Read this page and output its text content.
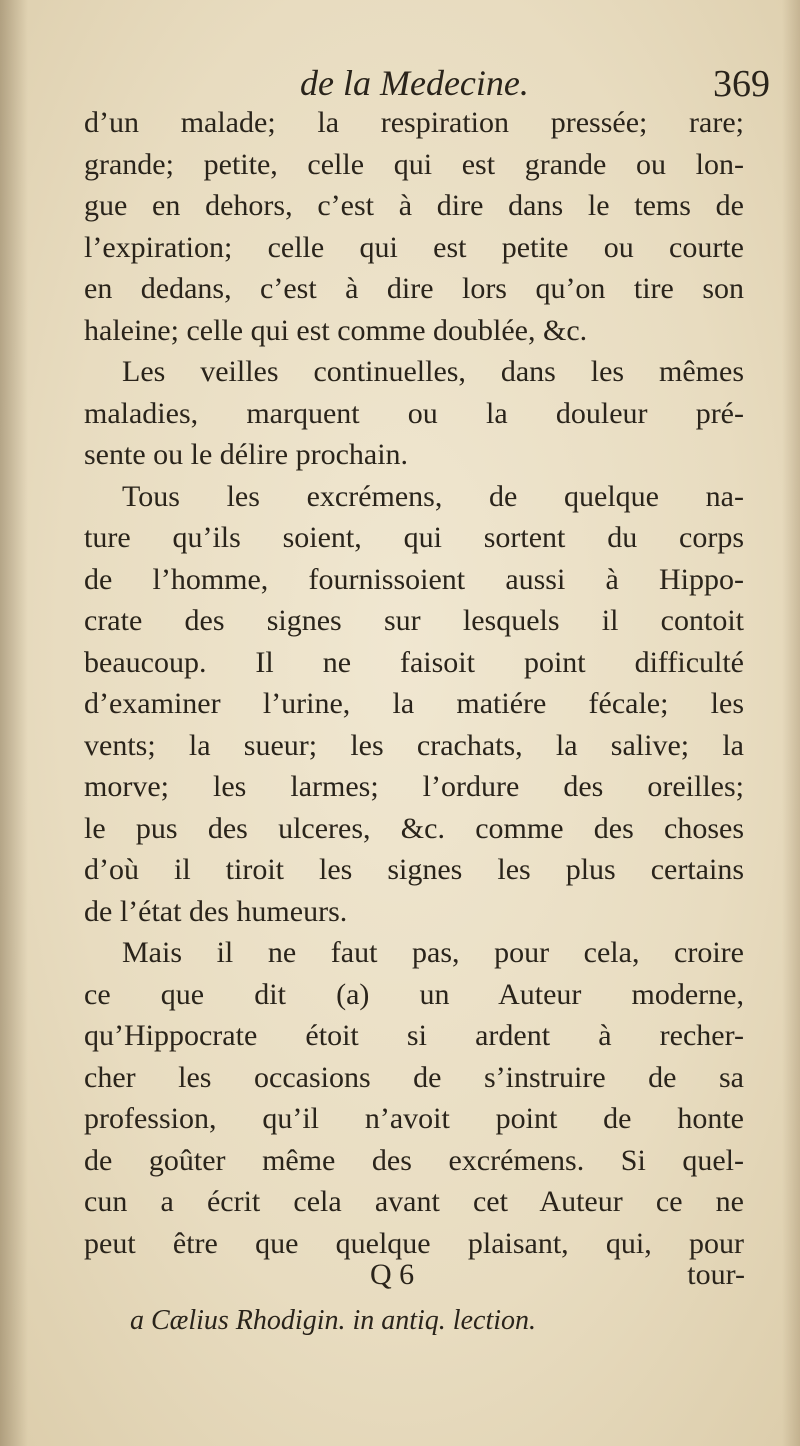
de la Medecine.	369
d’un malade; la respiration pressée; rare;
grande; petite, celle qui est grande ou lon-
gue en dehors, c’est à dire dans le tems de
l’expiration; celle qui est petite ou courte
en dedans, c’est à dire lors qu’on tire son
haleine; celle qui est comme doublée, &c.
Les veilles continuelles, dans les mêmes
maladies, marquent ou la douleur pré-
sente ou le délire prochain.
Tous les excrémens, de quelque na-
ture qu’ils soient, qui sortent du corps
de l’homme, fournissoient aussi à Hippo-
crate des signes sur lesquels il contoit
beaucoup. Il ne faisoit point difficulté
d’examiner l’urine, la matiére fécale; les
vents; la sueur; les crachats, la salive; la
morve; les larmes; l’ordure des oreilles;
le pus des ulceres, &c. comme des choses
d’où il tiroit les signes les plus certains
de l’état des humeurs.
Mais il ne faut pas, pour cela, croire
ce que dit (a) un Auteur moderne,
qu’Hippocrate étoit si ardent à recher-
cher les occasions de s’instruire de sa
profession, qu’il n’avoit point de honte
de goûter même des excrémens. Si quel-
cun a écrit cela avant cet Auteur ce ne
peut être que quelque plaisant, qui, pour
Q 6	tour-
a Cælius Rhodigin. in antiq. lection.
